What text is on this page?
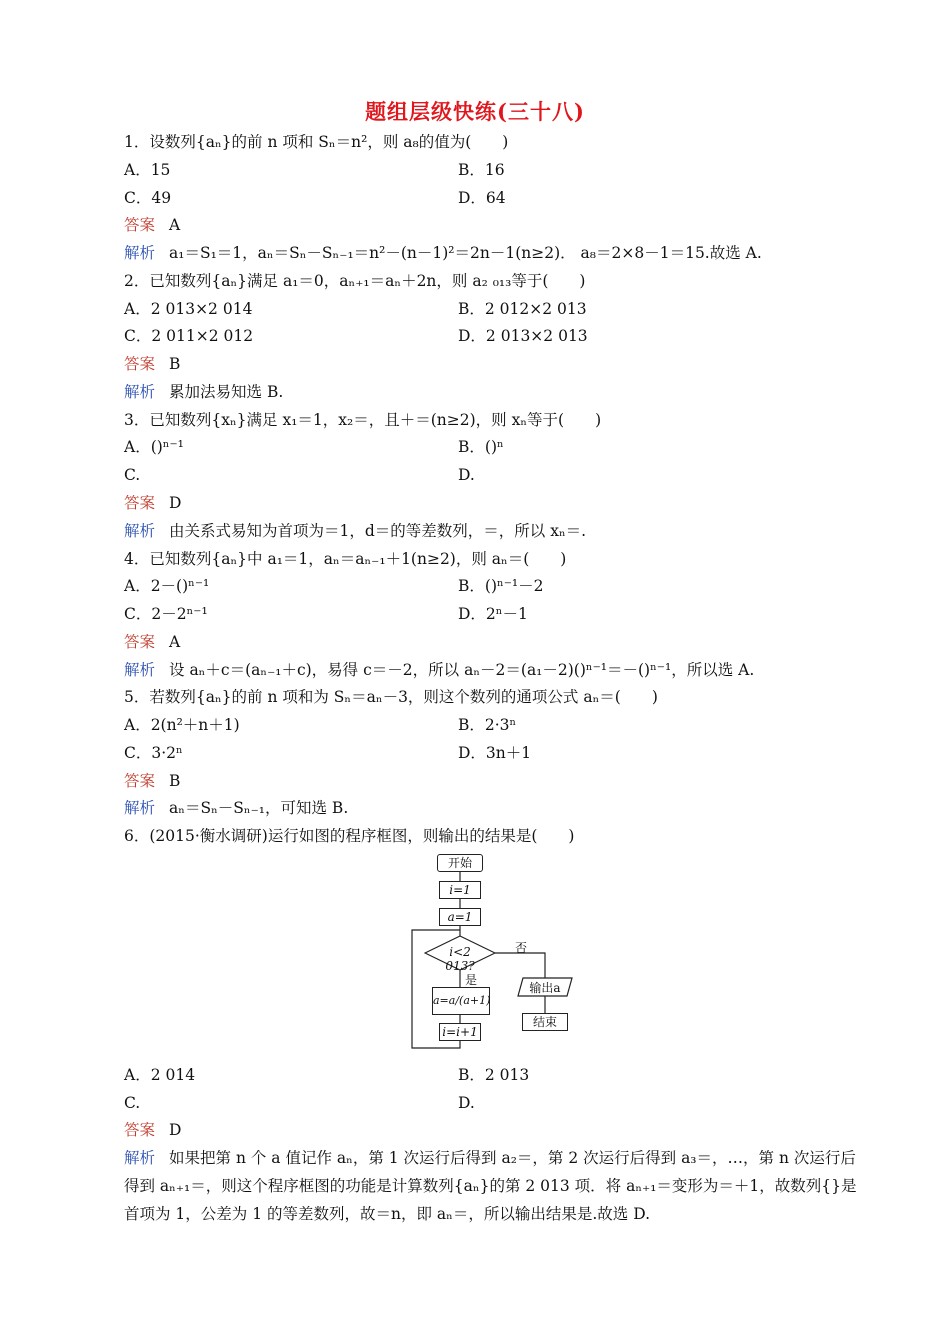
题组层级快练(三十八)
1．设数列{aₙ}的前 n 项和 Sₙ＝n²，则 a₈的值为(　　)
A．15	B．16
C．49	D．64
答案 A
解析 a₁＝S₁＝1，aₙ＝Sₙ－Sₙ₋₁＝n²－(n－1)²＝2n－1(n≥2)． a₈＝2×8－1＝15.故选 A.
2．已知数列{aₙ}满足 a₁＝0，aₙ₊₁＝aₙ＋2n，则 a₂ ₀₁₃等于(　　)
A．2 013×2 014	B．2 012×2 013
C．2 011×2 012	D．2 013×2 013
答案 B
解析 累加法易知选 B.
3．已知数列{xₙ}满足 x₁＝1，x₂＝，且＋＝(n≥2)，则 xₙ等于(　　)
A．()ⁿ⁻¹	B．()ⁿ
C.	D.
答案 D
解析 由关系式易知为首项为＝1，d＝的等差数列，＝，所以 xₙ＝.
4．已知数列{aₙ}中 a₁＝1，aₙ＝aₙ₋₁＋1(n≥2)，则 aₙ＝(　　)
A．2－()ⁿ⁻¹	B．()ⁿ⁻¹－2
C．2－2ⁿ⁻¹	D．2ⁿ－1
答案 A
解析 设 aₙ＋c＝(aₙ₋₁＋c)，易得 c＝－2，所以 aₙ－2＝(a₁－2)()ⁿ⁻¹＝－()ⁿ⁻¹，所以选 A.
5．若数列{aₙ}的前 n 项和为 Sₙ＝aₙ－3，则这个数列的通项公式 aₙ＝(　　)
A．2(n²＋n＋1)	B．2·3ⁿ
C．3·2ⁿ	D．3n＋1
答案 B
解析 aₙ＝Sₙ－Sₙ₋₁，可知选 B.
6．(2015·衡水调研)运行如图的程序框图，则输出的结果是(　　)
开始
i=1
a=1
i<2 013?
否
是
a=a/(a+1)
i=i+1
输出a
结束
A．2 014	B．2 013
C.	D.
答案 D
解析 如果把第 n 个 a 值记作 aₙ，第 1 次运行后得到 a₂＝，第 2 次运行后得到 a₃＝，…，第 n 次运行后得到 aₙ₊₁＝，则这个程序框图的功能是计算数列{aₙ}的第 2 013 项．将 aₙ₊₁＝变形为＝＋1，故数列{}是首项为 1，公差为 1 的等差数列，故＝n，即 aₙ＝，所以输出结果是.故选 D.
